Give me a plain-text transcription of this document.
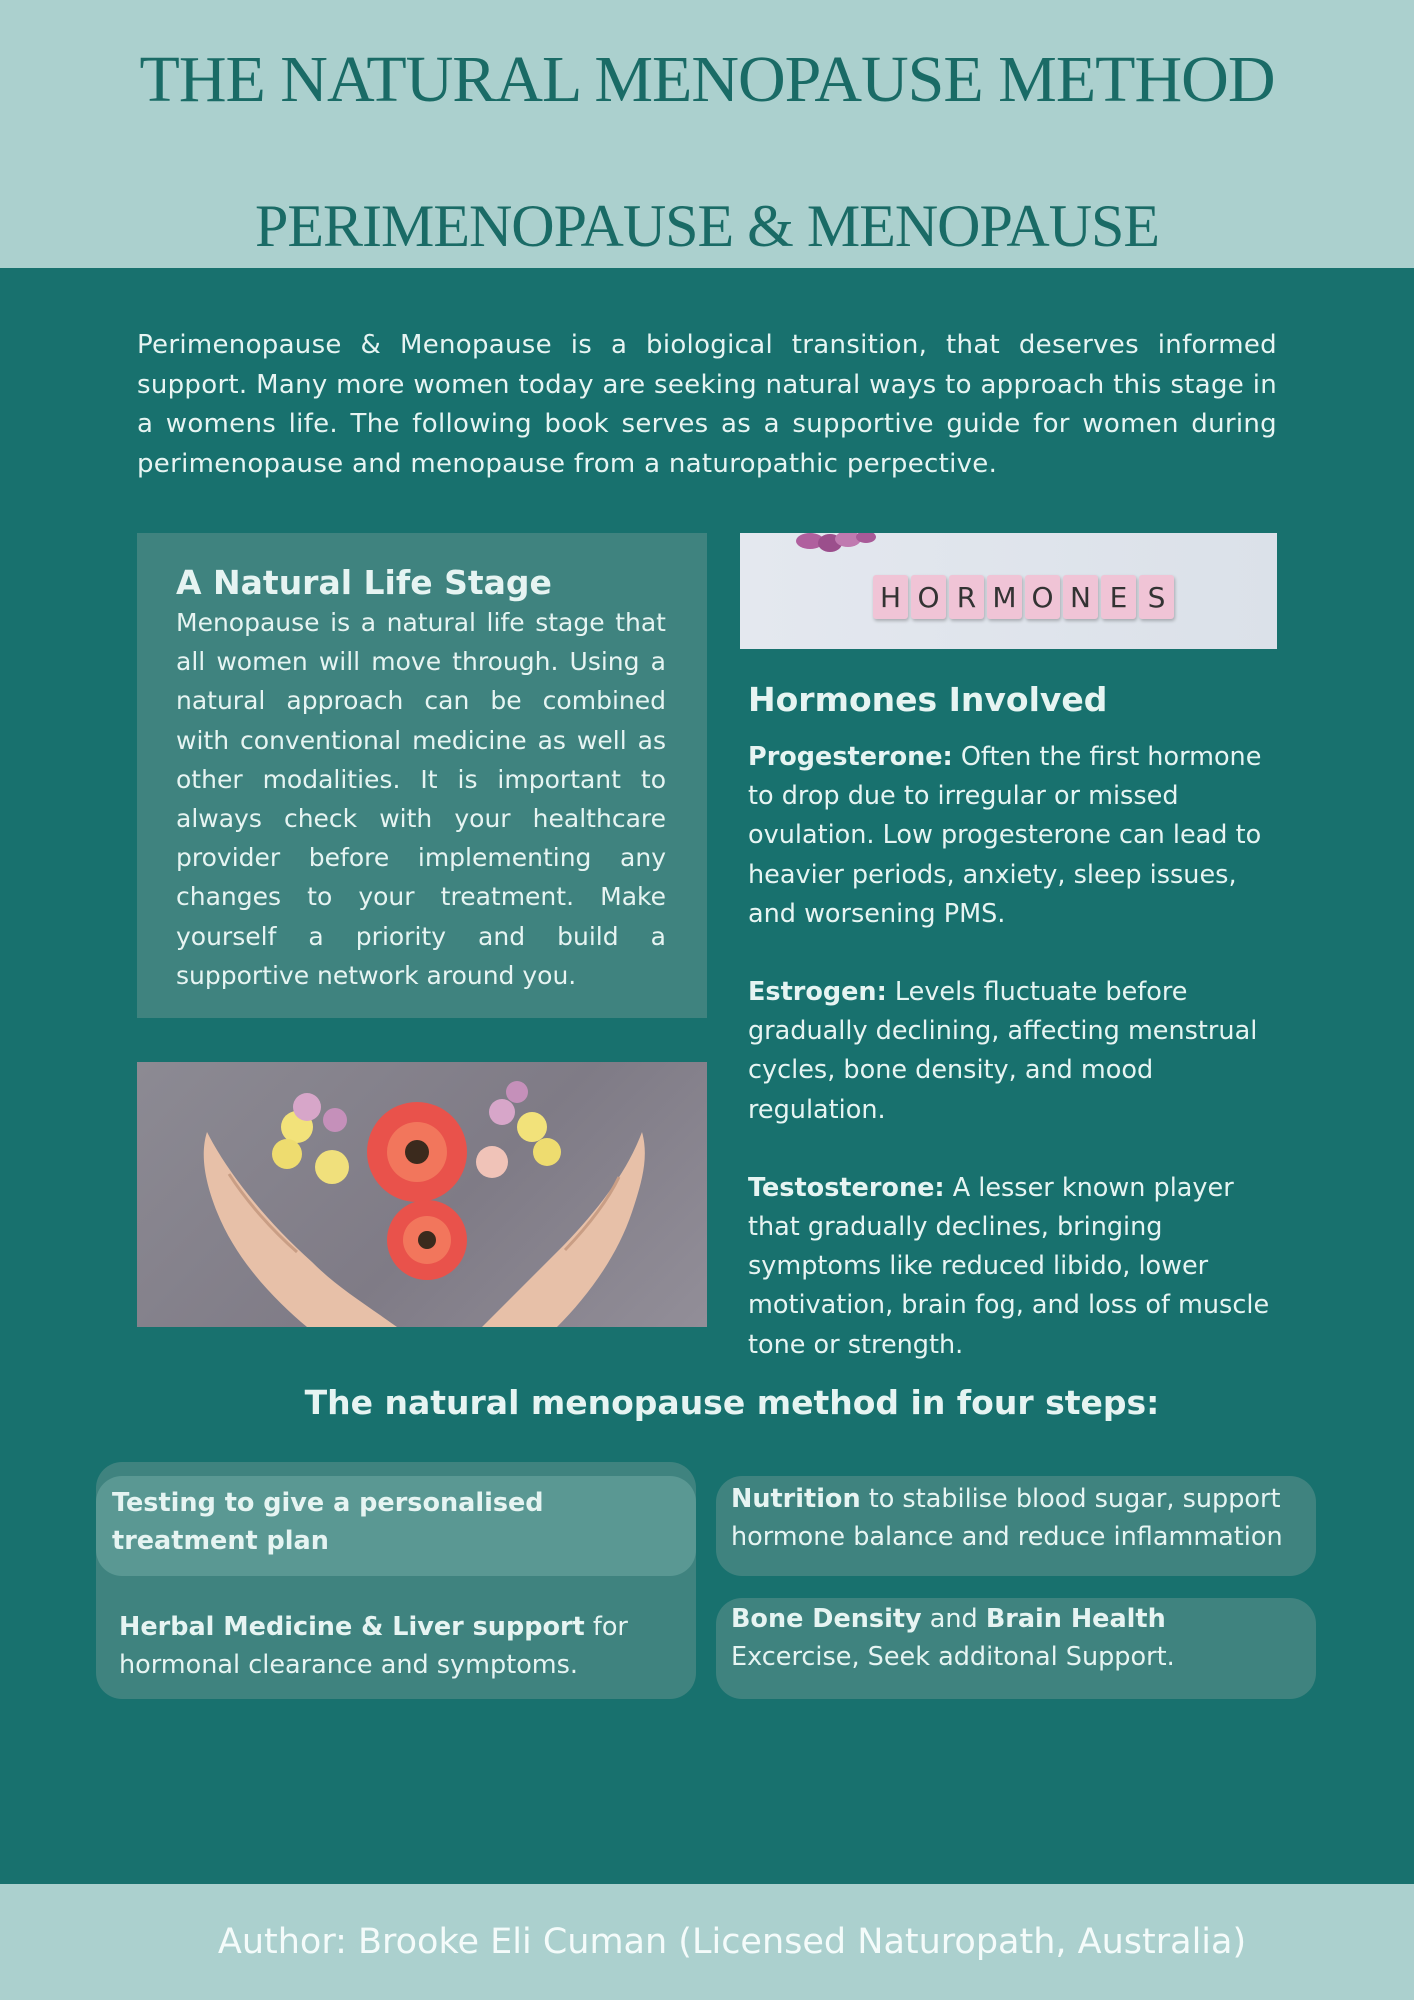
THE NATURAL MENOPAUSE METHOD
PERIMENOPAUSE & MENOPAUSE

Perimenopause & Menopause is a biological transition, that deserves informed support. Many more women today are seeking natural ways to approach this stage in a womens life. The following book serves as a supportive guide for women during perimenopause and menopause from a naturopathic perpective.

A Natural Life Stage

Menopause is a natural life stage that all women will move through. Using a natural approach can be combined with conventional medicine as well as other modalities. It is important to always check with your healthcare provider before implementing any changes to your treatment. Make yourself a priority and build a supportive network around you.

H O R M O N E S
Hormones Involved

Progesterone: Often the first hormone to drop due to irregular or missed ovulation. Low progesterone can lead to heavier periods, anxiety, sleep issues, and worsening PMS.

Estrogen: Levels fluctuate before gradually declining, affecting menstrual cycles, bone density, and mood regulation.

Testosterone: A lesser known player that gradually declines, bringing symptoms like reduced libido, lower motivation, brain fog, and loss of muscle tone or strength.

The natural menopause method in four steps:
Testing to give a personalised treatment plan
Herbal Medicine & Liver support for hormonal clearance and symptoms.
Nutrition to stabilise blood sugar, support hormone balance and reduce inflammation
Bone Density and Brain Health
Excercise, Seek additonal Support.

Author: Brooke Eli Cuman (Licensed Naturopath, Australia)
